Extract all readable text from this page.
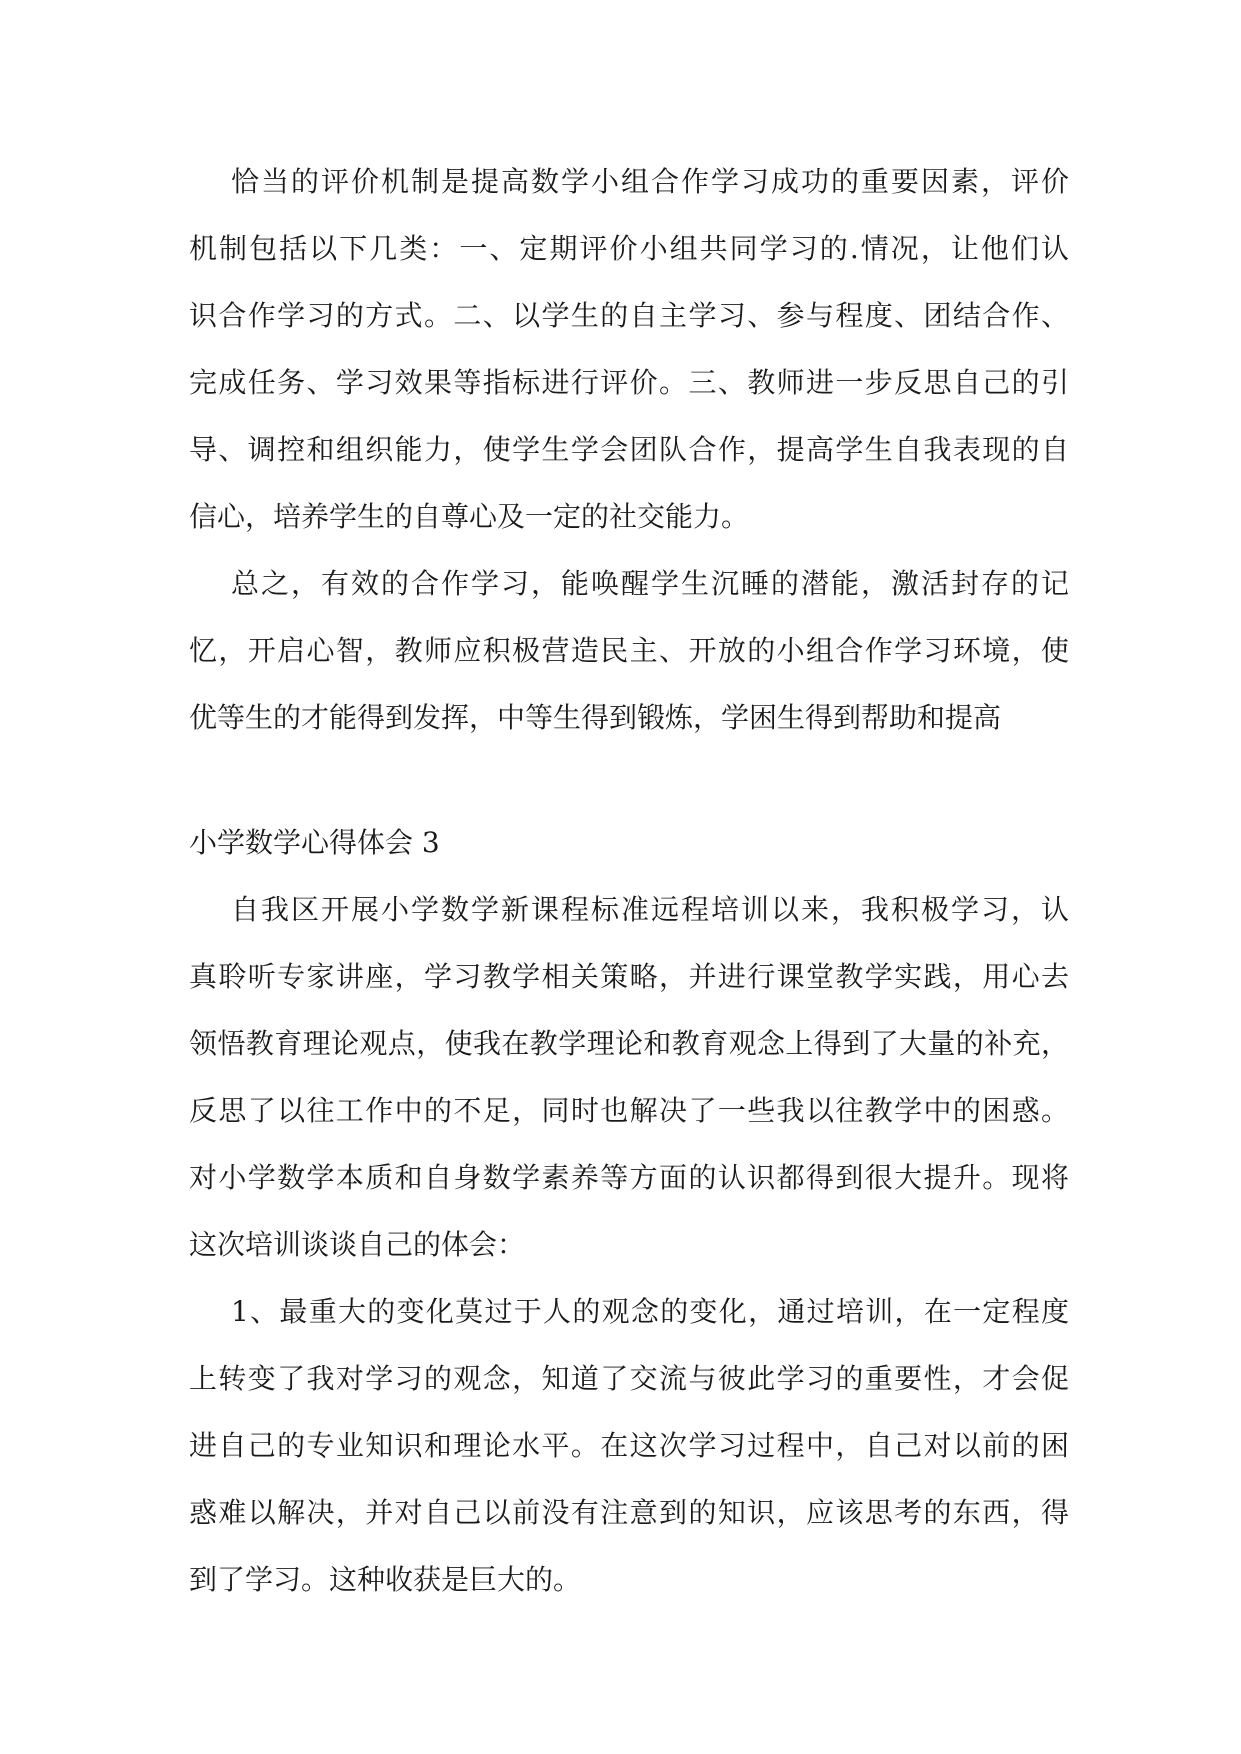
恰当的评价机制是提高数学小组合作学习成功的重要因素，评价
机制包括以下几类：一、定期评价小组共同学习的.情况，让他们认
识合作学习的方式。二、以学生的自主学习、参与程度、团结合作、
完成任务、学习效果等指标进行评价。三、教师进一步反思自己的引
导、调控和组织能力，使学生学会团队合作，提高学生自我表现的自
信心，培养学生的自尊心及一定的社交能力。
总之，有效的合作学习，能唤醒学生沉睡的潜能，激活封存的记
忆，开启心智，教师应积极营造民主、开放的小组合作学习环境，使
优等生的才能得到发挥，中等生得到锻炼，学困生得到帮助和提高
小学数学心得体会 3
自我区开展小学数学新课程标准远程培训以来，我积极学习，认
真聆听专家讲座，学习教学相关策略，并进行课堂教学实践，用心去
领悟教育理论观点，使我在教学理论和教育观念上得到了大量的补充，
反思了以往工作中的不足，同时也解决了一些我以往教学中的困惑。
对小学数学本质和自身数学素养等方面的认识都得到很大提升。现将
这次培训谈谈自己的体会：
1、最重大的变化莫过于人的观念的变化，通过培训，在一定程度
上转变了我对学习的观念，知道了交流与彼此学习的重要性，才会促
进自己的专业知识和理论水平。在这次学习过程中，自己对以前的困
惑难以解决，并对自己以前没有注意到的知识，应该思考的东西，得
到了学习。这种收获是巨大的。
